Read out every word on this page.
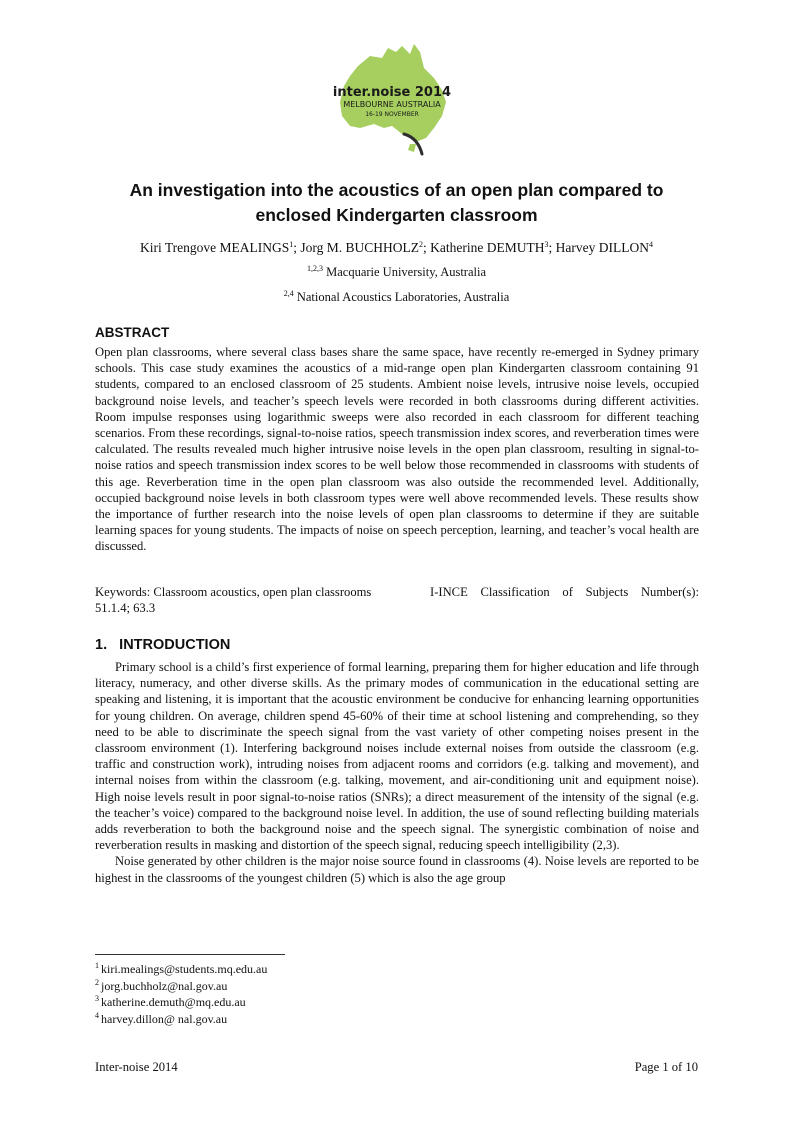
inter.noise 2014
MELBOURNE AUSTRALIA
16-19 NOVEMBER
An investigation into the acoustics of an open plan compared to enclosed Kindergarten classroom
Kiri Trengove MEALINGS$^1$; Jorg M. BUCHHOLZ$^2$; Katherine DEMUTH$^3$; Harvey DILLON$^4$
$^{1,2,3}$ Macquarie University, Australia
$^{2,4}$ National Acoustics Laboratories, Australia
ABSTRACT
Open plan classrooms, where several class bases share the same space, have recently re-emerged in Sydney primary schools. This case study examines the acoustics of a mid-range open plan Kindergarten classroom containing 91 students, compared to an enclosed classroom of 25 students. Ambient noise levels, intrusive noise levels, occupied background noise levels, and teacher’s speech levels were recorded in both classrooms during different activities. Room impulse responses using logarithmic sweeps were also recorded in each classroom for different teaching scenarios. From these recordings, signal-to-noise ratios, speech transmission index scores, and reverberation times were calculated. The results revealed much higher intrusive noise levels in the open plan classroom, resulting in signal-to-noise ratios and speech transmission index scores to be well below those recommended in classrooms with students of this age. Reverberation time in the open plan classroom was also outside the recommended level. Additionally, occupied background noise levels in both classroom types were well above recommended levels. These results show the importance of further research into the noise levels of open plan classrooms to determine if they are suitable learning spaces for young students. The impacts of noise on speech perception, learning, and teacher’s vocal health are discussed.
Keywords: Classroom acoustics, open plan classrooms	I-INCE Classification of Subjects Number(s):
51.1.4; 63.3
1.   INTRODUCTION

Primary school is a child’s first experience of formal learning, preparing them for higher education and life through literacy, numeracy, and other diverse skills. As the primary modes of communication in the educational setting are speaking and listening, it is important that the acoustic environment be conducive for enhancing learning opportunities for young children. On average, children spend 45-60% of their time at school listening and comprehending, so they need to be able to discriminate the speech signal from the vast variety of other competing noises present in the classroom environment (1). Interfering background noises include external noises from outside the classroom (e.g. traffic and construction work), intruding noises from adjacent rooms and corridors (e.g. talking and movement), and internal noises from within the classroom (e.g. talking, movement, and air-conditioning unit and equipment noise). High noise levels result in poor signal-to-noise ratios (SNRs); a direct measurement of the intensity of the signal (e.g. the teacher’s voice) compared to the background noise level. In addition, the use of sound reflecting building materials adds reverberation to both the background noise and the speech signal. The synergistic combination of noise and reverberation results in masking and distortion of the speech signal, reducing speech intelligibility (2,3).

Noise generated by other children is the major noise source found in classrooms (4). Noise levels are reported to be highest in the classrooms of the youngest children (5) which is also the age group

$^1$ kiri.mealings@students.mq.edu.au
$^2$ jorg.buchholz@nal.gov.au
$^3$ katherine.demuth@mq.edu.au
$^4$ harvey.dillon@ nal.gov.au
Inter-noise 2014	Page 1 of 10
